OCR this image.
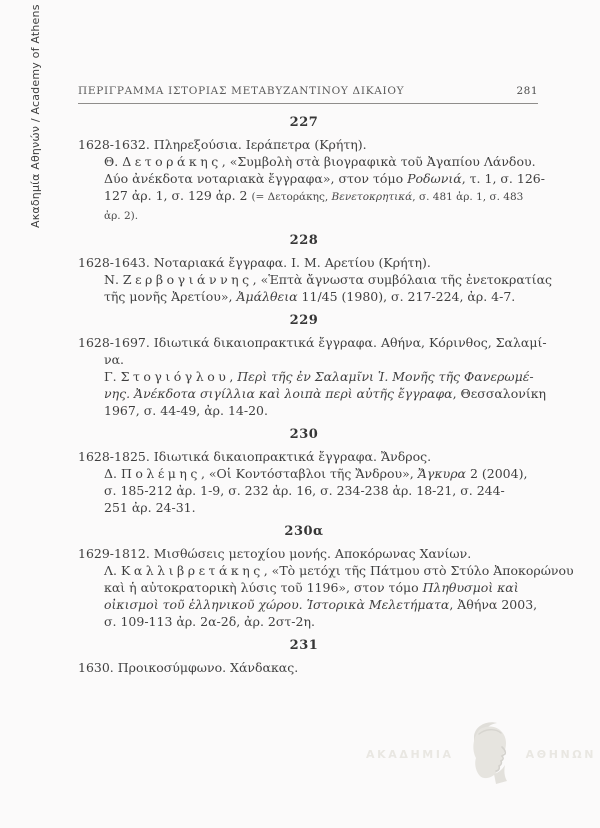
Ακαδημία Αθηνών / Academy of Athens	ΠΕΡΙΓΡΑΜΜΑ ΙΣΤΟΡΙΑΣ ΜΕΤΑΒΥΖΑΝΤΙΝΟΥ ΔΙΚΑΙΟΥ	281
227
1628-1632. Πληρεξούσια. Ιεράπετρα (Κρήτη).
Θ. Δετοράκης, «Συμβολὴ στὰ βιογραφικὰ τοῦ Ἀγαπίου Λάνδου.
Δύο ἀνέκδοτα νοταριακὰ ἔγγραφα», στον τόμο Ροδωνιά, τ. 1, σ. 126-
127 ἀρ. 1, σ. 129 ἀρ. 2 (= Δετοράκης, Βενετοκρητικά, σ. 481 ἀρ. 1, σ. 483
ἀρ. 2).
228
1628-1643. Νοταριακά ἔγγραφα. Ι. Μ. Αρετίου (Κρήτη).
Ν. Ζερβογιάννης, «Ἑπτὰ ἄγνωστα συμβόλαια τῆς ἐνετοκρατίας
τῆς μονῆς Ἀρετίου», Ἀμάλθεια 11/45 (1980), σ. 217-224, ἀρ. 4-7.
229
1628-1697. Ιδιωτικά δικαιοπρακτικά ἔγγραφα. Αθήνα, Κόρινθος, Σαλαμί-
να.
Γ. Στογιόγλου, Περὶ τῆς ἐν Σαλαμῖνι Ἱ. Μονῆς τῆς Φανερωμέ-
νης. Ἀνέκδοτα σιγίλλια καὶ λοιπὰ περὶ αὐτῆς ἔγγραφα, Θεσσαλονίκη
1967, σ. 44-49, ἀρ. 14-20.
230
1628-1825. Ιδιωτικά δικαιοπρακτικά ἔγγραφα. Ἄνδρος.
Δ. Πολέμης, «Οἱ Κοντόσταβλοι τῆς Ἄνδρου», Ἄγκυρα 2 (2004),
σ. 185-212 ἀρ. 1-9, σ. 232 ἀρ. 16, σ. 234-238 ἀρ. 18-21, σ. 244-
251 ἀρ. 24-31.
230α
1629-1812. Μισθώσεις μετοχίου μονής. Αποκόρωνας Χανίων.
Λ. Καλλιβρετάκης, «Τὸ μετόχι τῆς Πάτμου στὸ Στύλο Ἀποκορώνου
καὶ ἡ αὐτοκρατορικὴ λύσις τοῦ 1196», στον τόμο Πληθυσμοὶ καὶ
οἰκισμοὶ τοῦ ἑλληνικοῦ χώρου. Ἱστορικὰ Μελετήματα, Ἀθήνα 2003,
σ. 109-113 ἀρ. 2α-2δ, ἀρ. 2στ-2η.
231
1630. Προικοσύμφωνο. Χάνδακας.
ΑΚΑΔΗΜΙΑ	ΑΘΗΝΩΝ
